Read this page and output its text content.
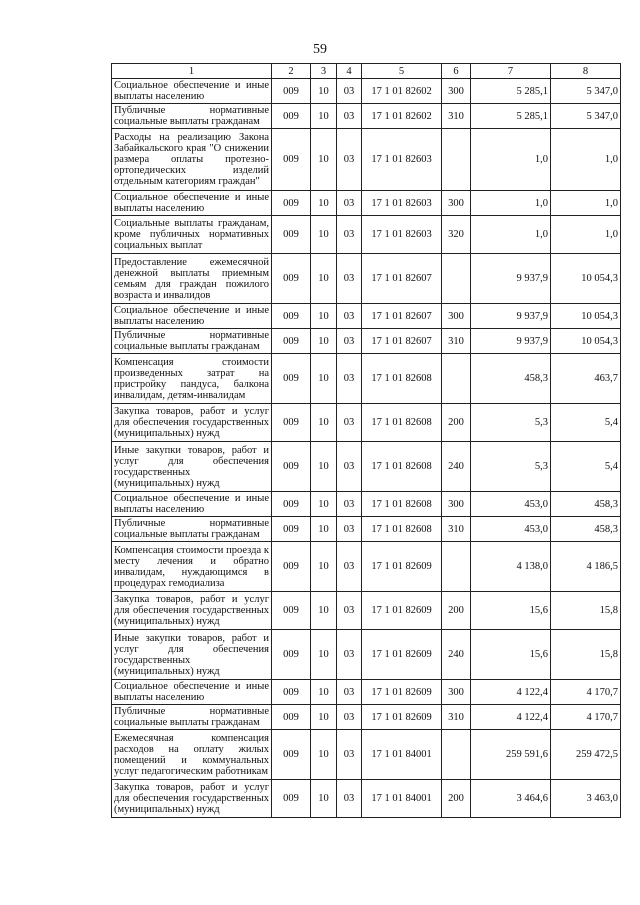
59
1	2	3	4	5	6	7	8
Социальное обеспечение и иные выплаты населению	009	10	03	17 1 01 82602	300	5 285,1	5 347,0
Публичные нормативные социальные выплаты гражданам	009	10	03	17 1 01 82602	310	5 285,1	5 347,0
Расходы на реализацию Закона Забайкальского края "О снижении размера оплаты протезно-ортопедических изделий отдельным категориям граждан"	009	10	03	17 1 01 82603		1,0	1,0
Социальное обеспечение и иные выплаты населению	009	10	03	17 1 01 82603	300	1,0	1,0
Социальные выплаты гражданам, кроме публичных нормативных социальных выплат	009	10	03	17 1 01 82603	320	1,0	1,0
Предоставление ежемесячной денежной выплаты приемным семьям для граждан пожилого возраста и инвалидов	009	10	03	17 1 01 82607		9 937,9	10 054,3
Социальное обеспечение и иные выплаты населению	009	10	03	17 1 01 82607	300	9 937,9	10 054,3
Публичные нормативные социальные выплаты гражданам	009	10	03	17 1 01 82607	310	9 937,9	10 054,3
Компенсация стоимости произведенных затрат на пристройку пандуса, балкона инвалидам, детям-инвалидам	009	10	03	17 1 01 82608		458,3	463,7
Закупка товаров, работ и услуг для обеспечения государственных (муниципальных) нужд	009	10	03	17 1 01 82608	200	5,3	5,4
Иные закупки товаров, работ и услуг для обеспечения государственных (муниципальных) нужд	009	10	03	17 1 01 82608	240	5,3	5,4
Социальное обеспечение и иные выплаты населению	009	10	03	17 1 01 82608	300	453,0	458,3
Публичные нормативные социальные выплаты гражданам	009	10	03	17 1 01 82608	310	453,0	458,3
Компенсация стоимости проезда к месту лечения и обратно инвалидам, нуждающимся в процедурах гемодиализа	009	10	03	17 1 01 82609		4 138,0	4 186,5
Закупка товаров, работ и услуг для обеспечения государственных (муниципальных) нужд	009	10	03	17 1 01 82609	200	15,6	15,8
Иные закупки товаров, работ и услуг для обеспечения государственных (муниципальных) нужд	009	10	03	17 1 01 82609	240	15,6	15,8
Социальное обеспечение и иные выплаты населению	009	10	03	17 1 01 82609	300	4 122,4	4 170,7
Публичные нормативные социальные выплаты гражданам	009	10	03	17 1 01 82609	310	4 122,4	4 170,7
Ежемесячная компенсация расходов на оплату жилых помещений и коммунальных услуг педагогическим работникам	009	10	03	17 1 01 84001		259 591,6	259 472,5
Закупка товаров, работ и услуг для обеспечения государственных (муниципальных) нужд	009	10	03	17 1 01 84001	200	3 464,6	3 463,0
